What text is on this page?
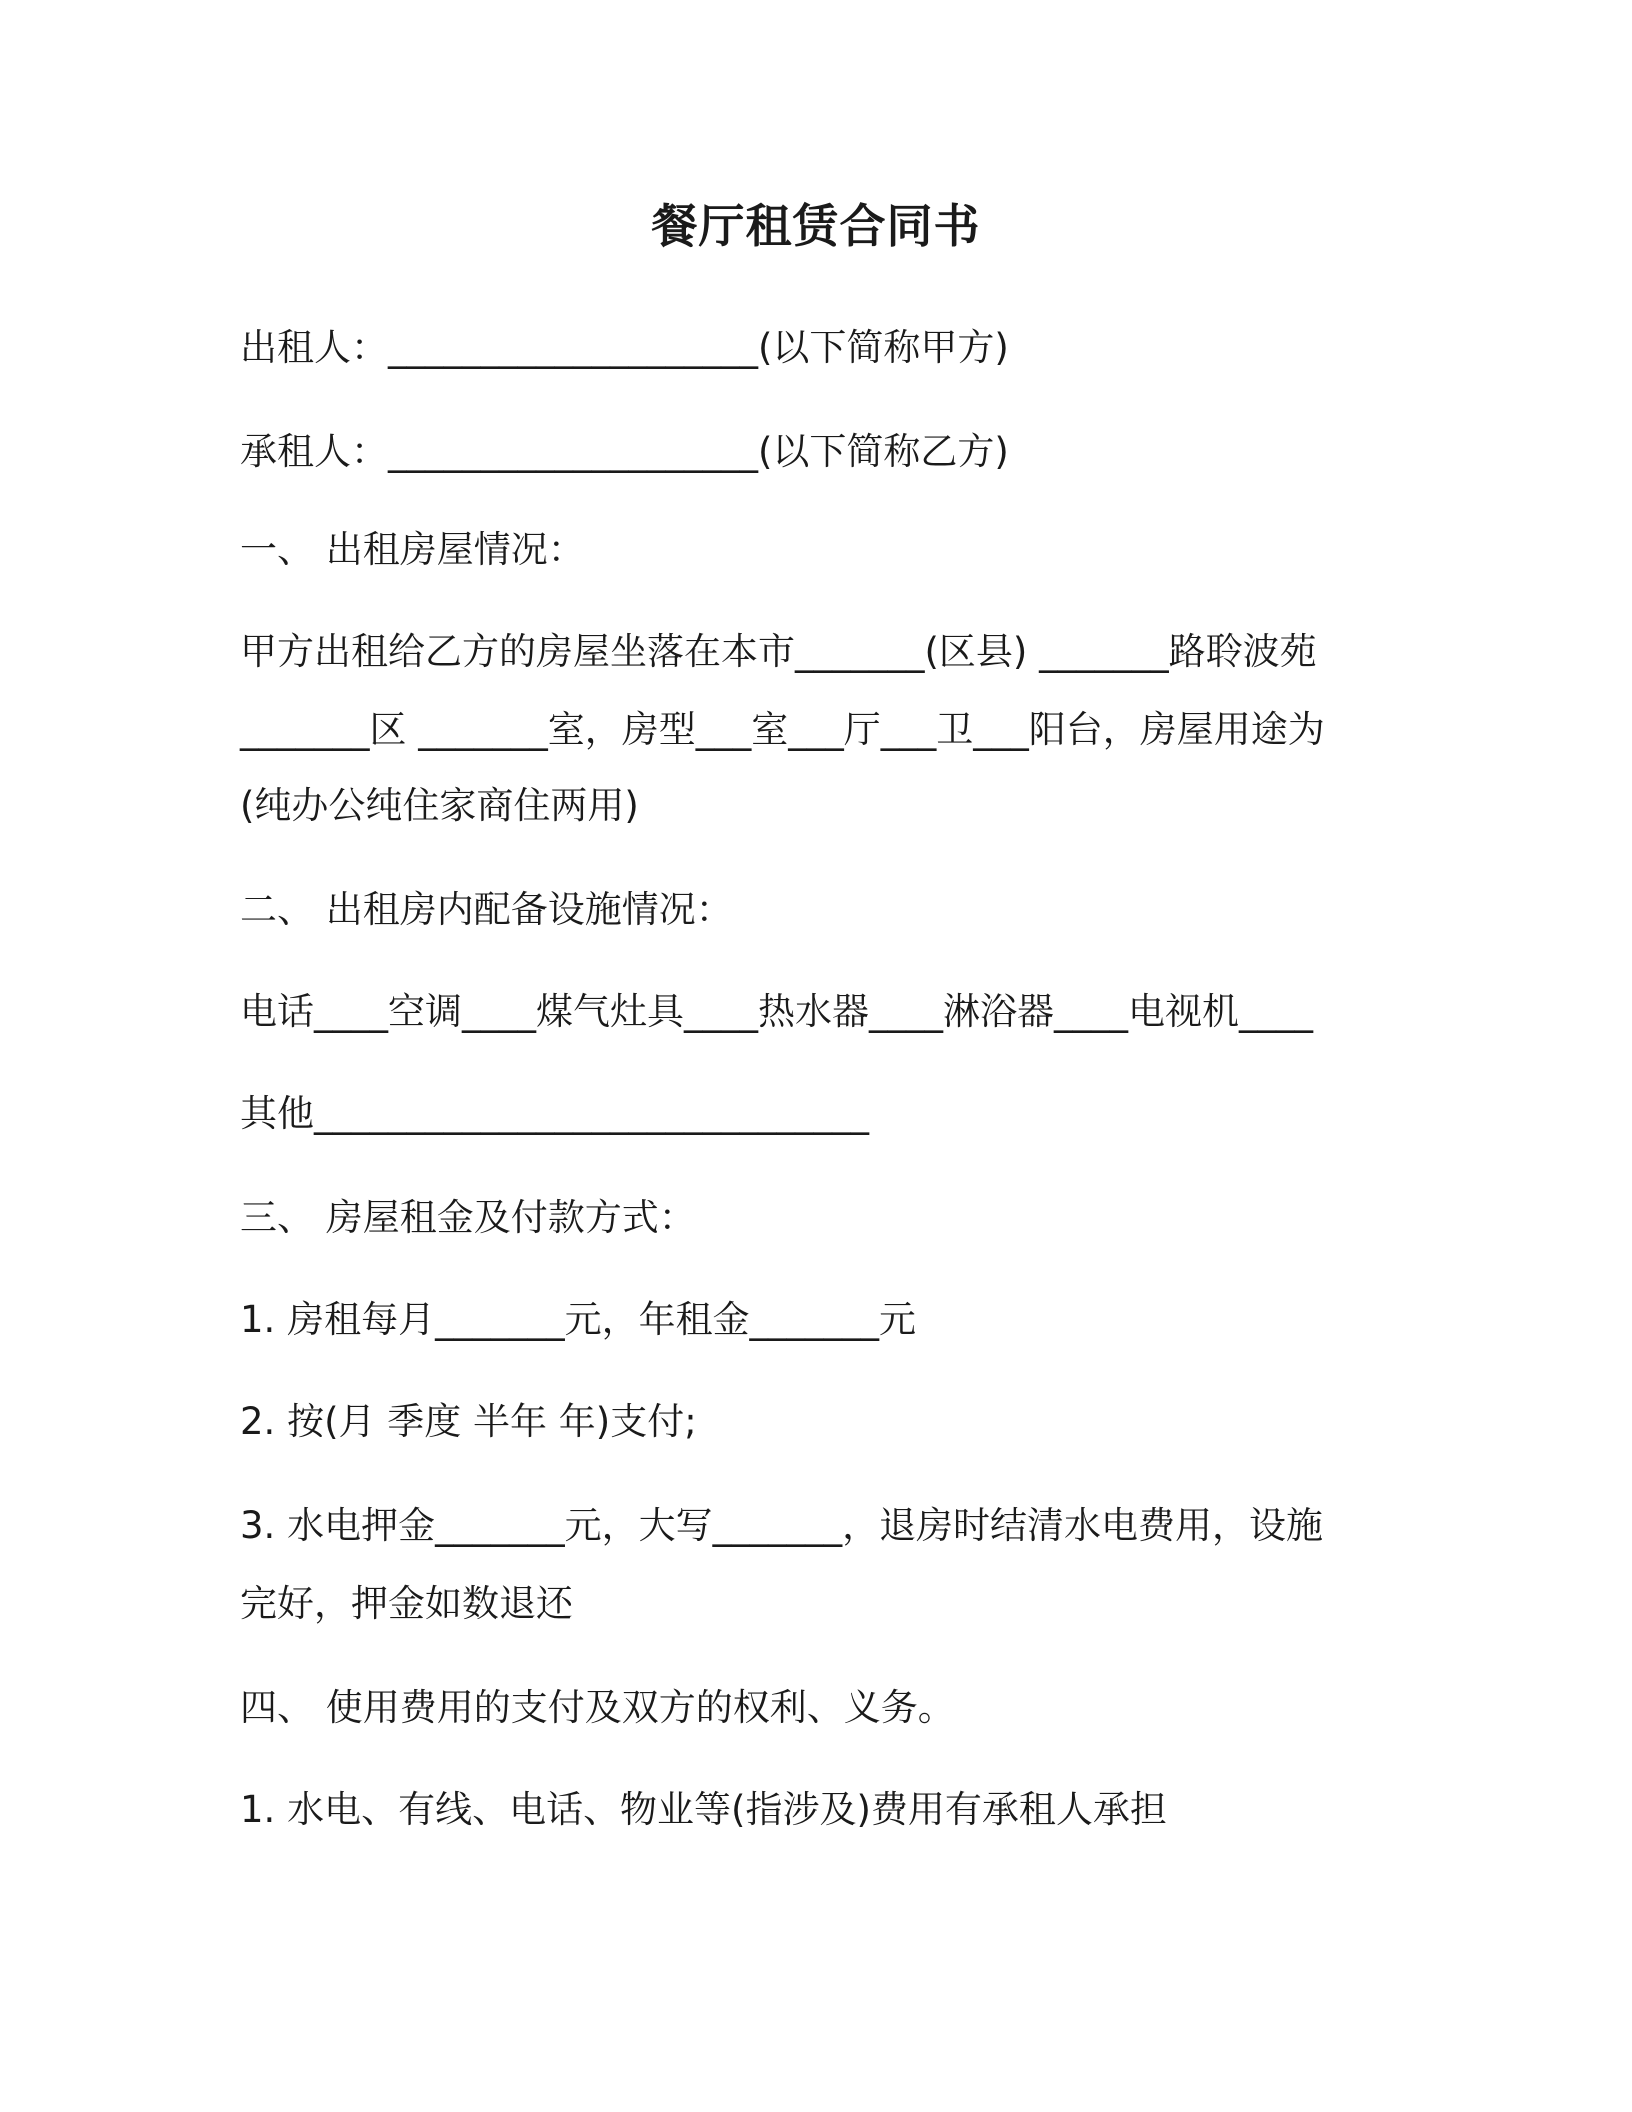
餐厅租赁合同书
出租人：____________________(以下简称甲方)
承租人：____________________(以下简称乙方)
一、 出租房屋情况：
甲方出租给乙方的房屋坐落在本市_______(区县) _______路聆波苑
_______区 _______室，房型___室___厅___卫___阳台，房屋用途为
(纯办公纯住家商住两用)
二、 出租房内配备设施情况：
电话____空调____煤气灶具____热水器____淋浴器____电视机____
其他______________________________
三、 房屋租金及付款方式：
1. 房租每月_______元，年租金_______元
2. 按(月 季度 半年 年)支付;
3. 水电押金_______元，大写_______，退房时结清水电费用，设施
完好，押金如数退还
四、 使用费用的支付及双方的权利、义务。
1. 水电、有线、电话、物业等(指涉及)费用有承租人承担
